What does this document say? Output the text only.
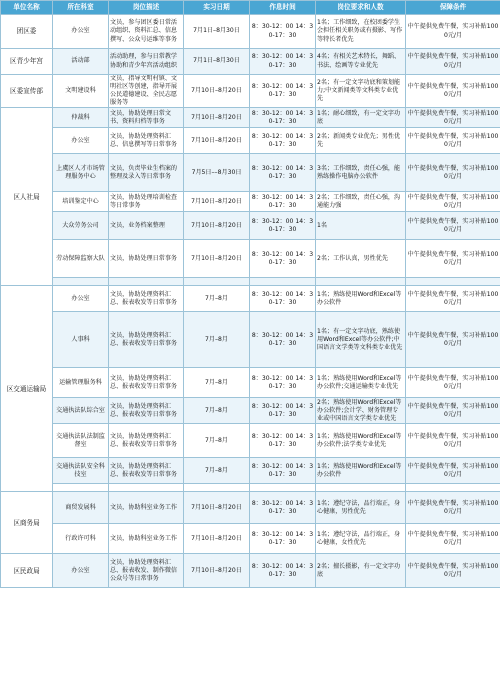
单位名称	所在科室	岗位描述	实习日期	作息时间	岗位要求和人数	保障条件
团区委	办公室	文员，参与团区委日常活动组织、资料汇总、信息撰写、公众号运维等事务	7月1日–8月30日	8：30-12：00 14：30-17：30	1名；工作细致，在校团委学生会担任相关职务或有摄影、写作等特长者优先	中午提供免费午餐，实习补贴1000元/月
区青少年宫	活动部	活动助理，参与日常教学协助和青少年宫活动组织	7月1日–8月30日	8：30-12：00 14：30-17：30	4名；有相关艺术特长，舞蹈、书法、绘画等专业优先	中午提供免费午餐，实习补贴1000元/月
区委宣传部	文明建设科	文员，指导文明村镇、文明社区等创建，指导开展公民道德建设、全民志愿服务等	7月10日–8月20日	8：30-12：00 14：30-17：30	2名；有一定文字功底和策划能力;中文新闻类等文科类专业优先	中午提供免费午餐，实习补贴1000元/月
区人社局	仲裁科	文员，协助处理日常文书、资料归档等事务	7月10日–8月20日	8：30-12：00 14：30-17：30	1名；耐心细致，有一定文字功底	中午提供免费午餐，实习补贴1000元/月
	办公室	文员，协助处理资料汇总、信息撰写等日常事务	7月10日–8月20日	8：30-12：00 14：30-17：30	2名；新闻类专业优先；男性优先	中午提供免费午餐，实习补贴1000元/月
	上虞区人才市场管理服务中心	文员，负责毕业生档案的整理及录入等日常事务	7月5日––8月30日	8：30-12：00 14：30-17：30	3名；工作细致，责任心强，能熟练操作电脑办公软件	中午提供免费午餐，实习补贴1000元/月
	培训鉴定中心	文员，协助处理培训检查等日常事务	7月10日–8月20日	8：30-12：00 14：30-17：30	2名；工作细致，责任心强，沟通能力强	中午提供免费午餐，实习补贴1000元/月
	大众劳务公司	文员，业务档案整理	7月10日–8月20日	8：30-12：00 14：30-17：30	1名	中午提供免费午餐，实习补贴1000元/月
	劳动保障监察大队	文员，协助处理日常事务	7月10日–8月20日	8：30-12：00 14：30-17：30	2名；工作认真，男性优先	中午提供免费午餐，实习补贴1000元/月

区交通运输局	办公室	文员，协助处理资料汇总、报表收发等日常事务	7月–8月	8：30-12：00 14：30-17：30	1名；熟练使用Word和Excel等办公软件	中午提供免费午餐，实习补贴1000元/月
	人事科	文员，协助处理资料汇总、报表收发等日常事务	7月–8月	8：30-12：00 14：30-17：30	1名；有一定文字功底，熟练使用Word和Excel等办公软件;中国语言文学类等文科类专业优先	中午提供免费午餐，实习补贴1000元/月
	运输管理服务科	文员，协助处理资料汇总、报表收发等日常事务	7月–8月	8：30-12：00 14：30-17：30	1名；熟练使用Word和Excel等办公软件;交通运输类专业优先	中午提供免费午餐，实习补贴1000元/月
	交通执法队综合室	文员，协助处理资料汇总、报表收发等日常事务	7月–8月	8：30-12：00 14：30-17：30	2名；熟练使用Word和Excel等办公软件;会计学、财务管理专业或中国语言文学类专业优先	中午提供免费午餐，实习补贴1000元/月
	交通执法队法制监督室	文员，协助处理资料汇总、报表收发等日常事务	7月–8月	8：30-12：00 14：30-17：30	1名；熟练使用Word和Excel等办公软件;法学类专业优先	中午提供免费午餐，实习补贴1000元/月
	交通执法队安全科技室	文员，协助处理资料汇总、报表收发等日常事务	7月–8月	8：30-12：00 14：30-17：30	1名；熟练使用Word和Excel等办公软件	中午提供免费午餐，实习补贴1000元/月

区商务局	商贸发展科	文员，协助科室业务工作	7月10日–8月20日	8：30-12：00 14：30-17：30	1名；遵纪守法，品行端正，身心健康，男性优先	中午提供免费午餐，实习补贴1000元/月
	行政许可科	文员，协助科室业务工作	7月10日–8月20日	8：30-12：00 14：30-17：30	1名；遵纪守法，品行端正，身心健康，女性优先	中午提供免费午餐，实习补贴1000元/月
区民政局	办公室	文员，协助处理资料汇总、报表收发、制作微信公众号等日常事务	7月10日–8月20日	8：30-12：00 14：30-17：30	2名；擅长摄影，有一定文字功底	中午提供免费午餐，实习补贴1000元/月
